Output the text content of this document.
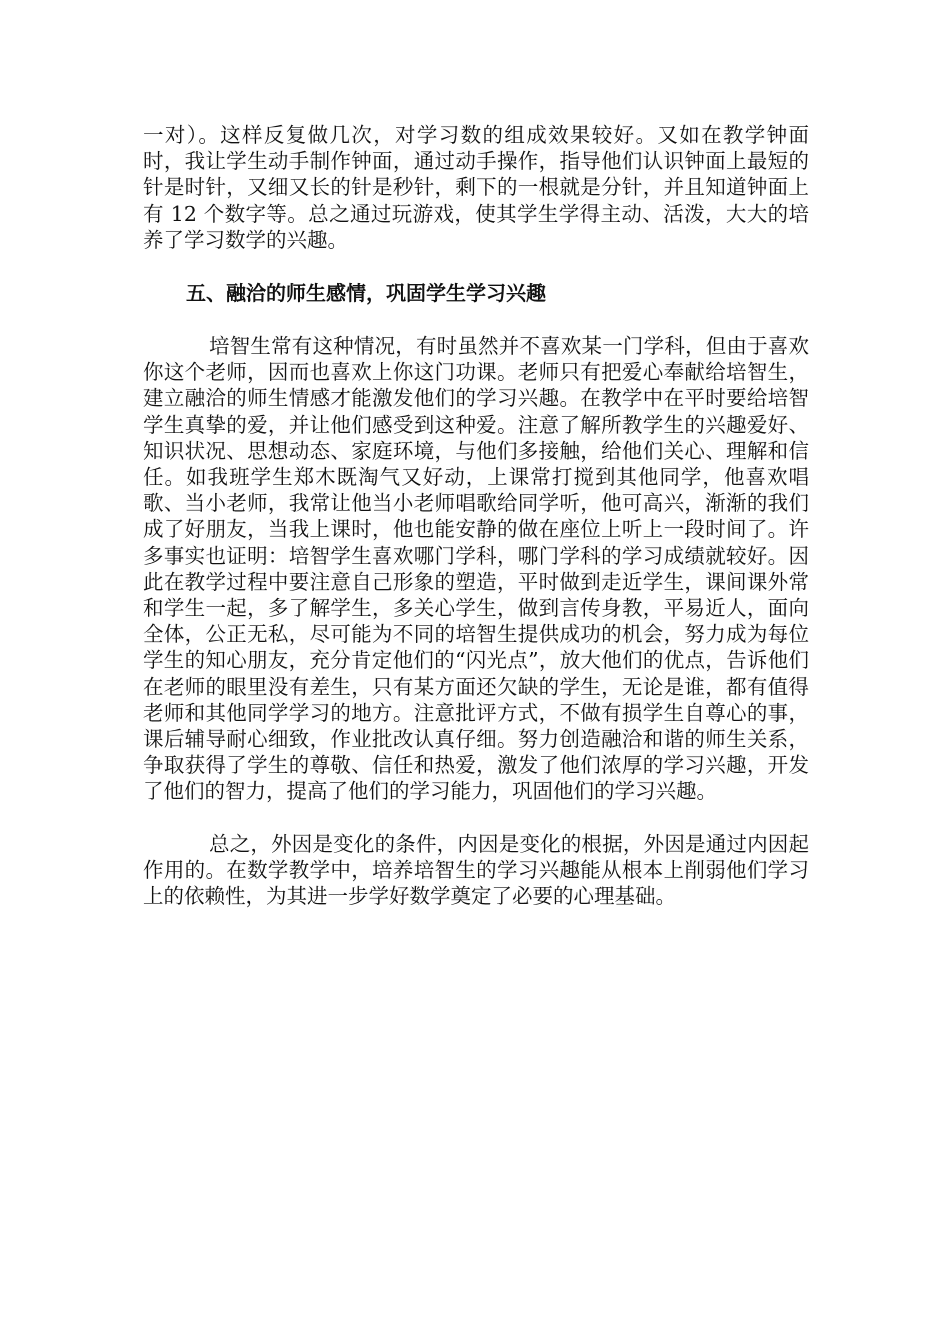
一对）。这样反复做几次，对学习数的组成效果较好。又如在教学钟面时，我让学生动手制作钟面，通过动手操作，指导他们认识钟面上最短的针是时针，又细又长的针是秒针，剩下的一根就是分针，并且知道钟面上有 12 个数字等。总之通过玩游戏，使其学生学得主动、活泼，大大的培养了学习数学的兴趣。

五、融洽的师生感情，巩固学生学习兴趣

培智生常有这种情况，有时虽然并不喜欢某一门学科，但由于喜欢你这个老师，因而也喜欢上你这门功课。老师只有把爱心奉献给培智生，建立融洽的师生情感才能激发他们的学习兴趣。在教学中在平时要给培智学生真挚的爱，并让他们感受到这种爱。注意了解所教学生的兴趣爱好、知识状况、思想动态、家庭环境，与他们多接触，给他们关心、理解和信任。如我班学生郑木既淘气又好动，上课常打搅到其他同学，他喜欢唱歌、当小老师，我常让他当小老师唱歌给同学听，他可高兴，渐渐的我们成了好朋友，当我上课时，他也能安静的做在座位上听上一段时间了。许多事实也证明：培智学生喜欢哪门学科，哪门学科的学习成绩就较好。因此在教学过程中要注意自己形象的塑造，平时做到走近学生，课间课外常和学生一起，多了解学生，多关心学生，做到言传身教，平易近人，面向全体，公正无私，尽可能为不同的培智生提供成功的机会，努力成为每位学生的知心朋友，充分肯定他们的“闪光点”，放大他们的优点，告诉他们在老师的眼里没有差生，只有某方面还欠缺的学生，无论是谁，都有值得老师和其他同学学习的地方。注意批评方式，不做有损学生自尊心的事，课后辅导耐心细致，作业批改认真仔细。努力创造融洽和谐的师生关系，争取获得了学生的尊敬、信任和热爱，激发了他们浓厚的学习兴趣，开发了他们的智力，提高了他们的学习能力，巩固他们的学习兴趣。

总之，外因是变化的条件，内因是变化的根据，外因是通过内因起作用的。在数学教学中，培养培智生的学习兴趣能从根本上削弱他们学习上的依赖性，为其进一步学好数学奠定了必要的心理基础。
